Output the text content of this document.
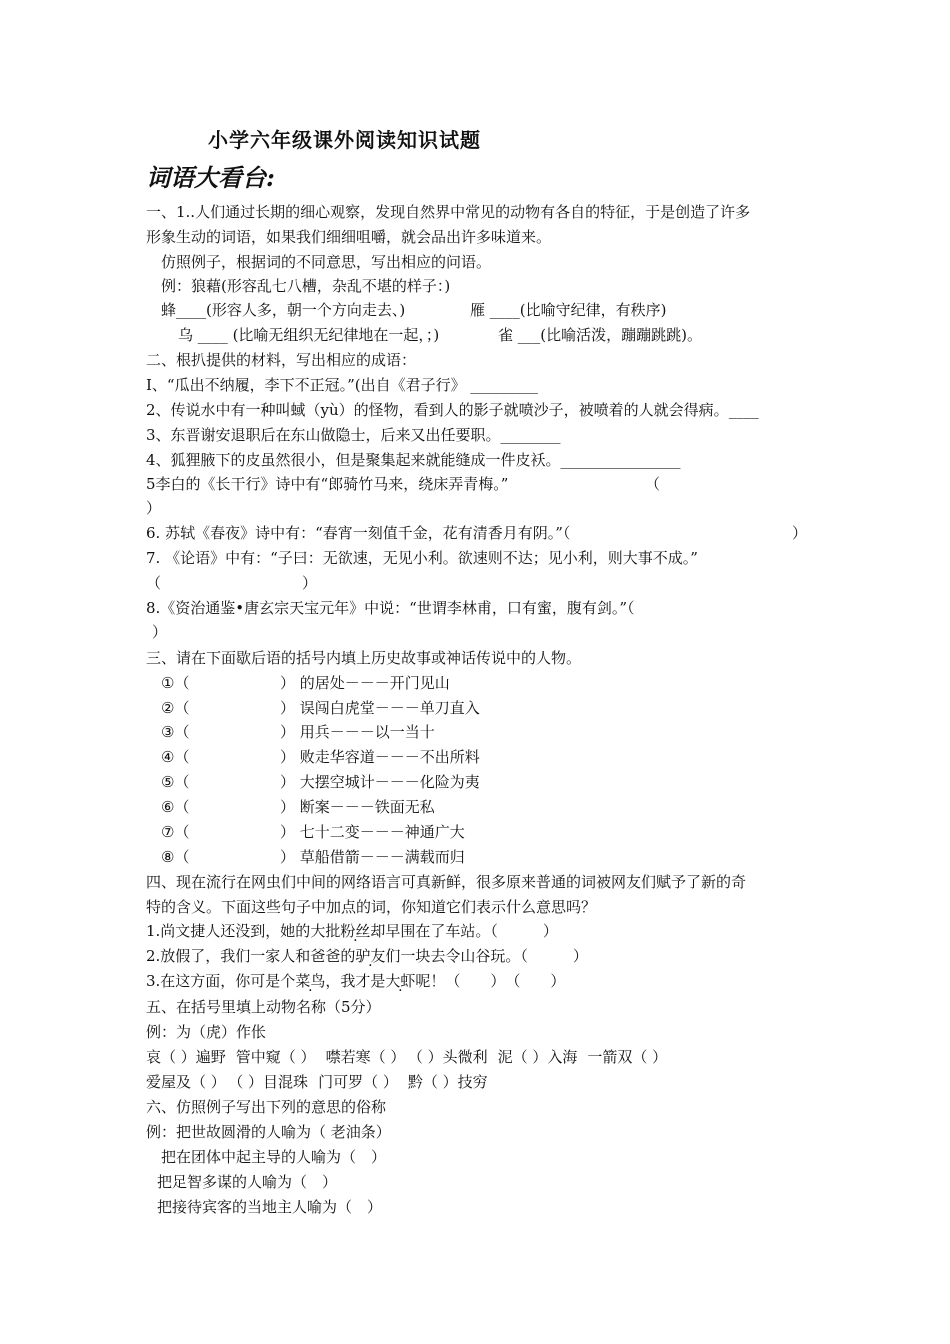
小学六年级课外阅读知识试题
词语大看台:
一、1..人们通过长期的细心观察，发现自然界中常见的动物有各自的特征，于是创造了许多
形象生动的词语，如果我们细细咀嚼，就会品出许多味道来。
仿照例子，根据词的不同意思，写出相应的问语。
例：狼藉(形容乱七八槽，杂乱不堪的样子：)
蜂____(形容人多，朝一个方向走去、)	雁 ____(比喻守纪律，有秩序)
乌 ____ (比喻无组织无纪律地在一起，；)	雀 ___(比喻活泼，蹦蹦跳跳)。
二、根扒提供的材料，写出相应的成语：
I、“瓜出不纳履，李下不正冠。”(出自《君子行》 _________
2、传说水中有一种叫蜮（yù）的怪物，看到人的影子就喷沙子，被喷着的人就会得病。____
3、东晋谢安退职后在东山做隐士，后来又出任要职。________
4、狐狸腋下的皮虽然很小，但是聚集起来就能缝成一件皮袄。________________
5李白的《长干行》诗中有“郎骑竹马来，绕床弄青梅。”	（
）
6. 苏轼《春夜》诗中有：“春宵一刻值千金，花有清香月有阴。”（	）
7. 《论语》中有：“子曰：无欲速，无见小利。欲速则不达；见小利，则大事不成。”
（	）
8.《资治通鉴•唐玄宗天宝元年》中说：“世谓李林甫，口有蜜，腹有剑。”（
）
三、请在下面歇后语的括号内填上历史故事或神话传说中的人物。
①（	） 的居处－－－开门见山
②（	） 误闯白虎堂－－－单刀直入
③（	） 用兵－－－以一当十
④（	） 败走华容道－－－不出所料
⑤（	） 大摆空城计－－－化险为夷
⑥（	） 断案－－－铁面无私
⑦（	） 七十二变－－－神通广大
⑧（	） 草船借箭－－－满载而归
四、现在流行在网虫们中间的网络语言可真新鲜，很多原来普通的词被网友们赋予了新的奇
特的含义。下面这些句子中加点的词，你知道它们表示什么意思吗？
1.尚文捷人还没到，她的大批粉丝却早围在了车站。（　　　）
2.放假了，我们一家人和爸爸的驴友们一块去令山谷玩。（　　　）
3.在这方面，你可是个菜鸟，我才是大虾呢！（　　）　（　　）
五、在括号里填上动物名称（5分）
例：为（虎）作伥
哀（ ）遍野 管中窥（ ） 噤若寒（ ） （ ）头微利 泥（ ）入海 一箭双（ ）
爱屋及（ ） （ ）目混珠 门可罗（ ） 黔（ ）技穷
六、仿照例子写出下列的意思的俗称
例：把世故圆滑的人喻为（ 老油条）
把在团体中起主导的人喻为（　）
把足智多谋的人喻为（　）
把接待宾客的当地主人喻为（　）
